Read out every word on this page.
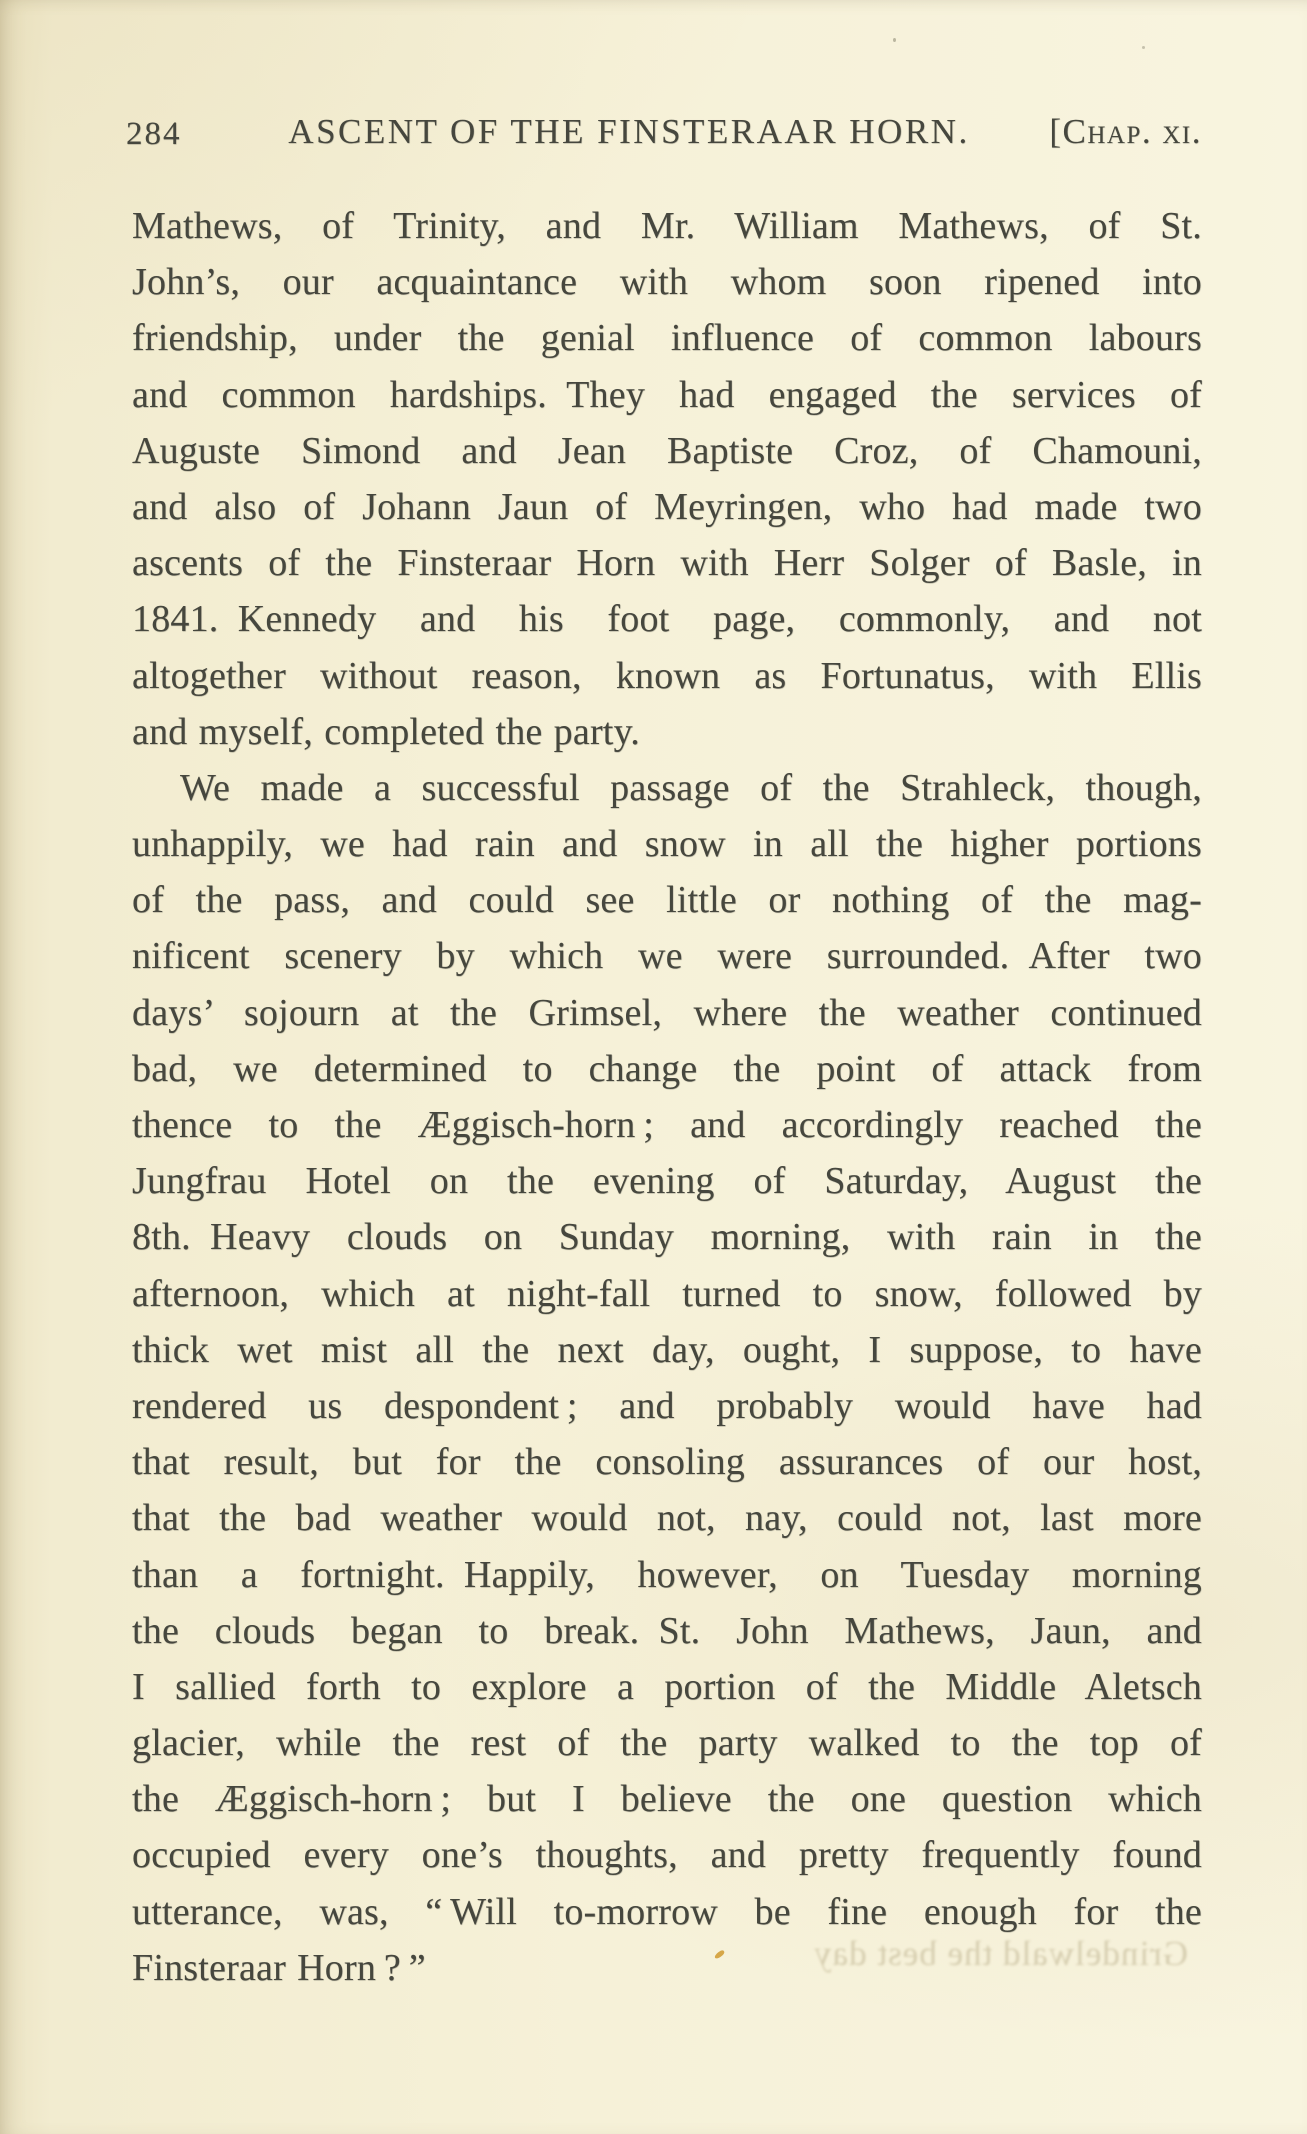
284	ASCENT OF THE FINSTERAAR HORN. [Chap. xi.
Mathews, of Trinity, and Mr. William Mathews, of St.
John’s, our acquaintance with whom soon ripened into
friendship, under the genial influence of common labours
and common hardships. They had engaged the services of
Auguste Simond and Jean Baptiste Croz, of Chamouni,
and also of Johann Jaun of Meyringen, who had made two
ascents of the Finsteraar Horn with Herr Solger of Basle, in
1841. Kennedy and his foot page, commonly, and not
altogether without reason, known as Fortunatus, with Ellis
and myself, completed the party.
We made a successful passage of the Strahleck, though,
unhappily, we had rain and snow in all the higher portions
of the pass, and could see little or nothing of the mag-
nificent scenery by which we were surrounded. After two
days’ sojourn at the Grimsel, where the weather continued
bad, we determined to change the point of attack from
thence to the Æggisch-horn ; and accordingly reached the
Jungfrau Hotel on the evening of Saturday, August the
8th. Heavy clouds on Sunday morning, with rain in the
afternoon, which at night-fall turned to snow, followed by
thick wet mist all the next day, ought, I suppose, to have
rendered us despondent ; and probably would have had
that result, but for the consoling assurances of our host,
that the bad weather would not, nay, could not, last more
than a fortnight. Happily, however, on Tuesday morning
the clouds began to break. St. John Mathews, Jaun, and
I sallied forth to explore a portion of the Middle Aletsch
glacier, while the rest of the party walked to the top of
the Æggisch-horn ; but I believe the one question which
occupied every one’s thoughts, and pretty frequently found
utterance, was, “ Will to-morrow be fine enough for the
Finsteraar Horn ? ”	Grindelwald the best day
